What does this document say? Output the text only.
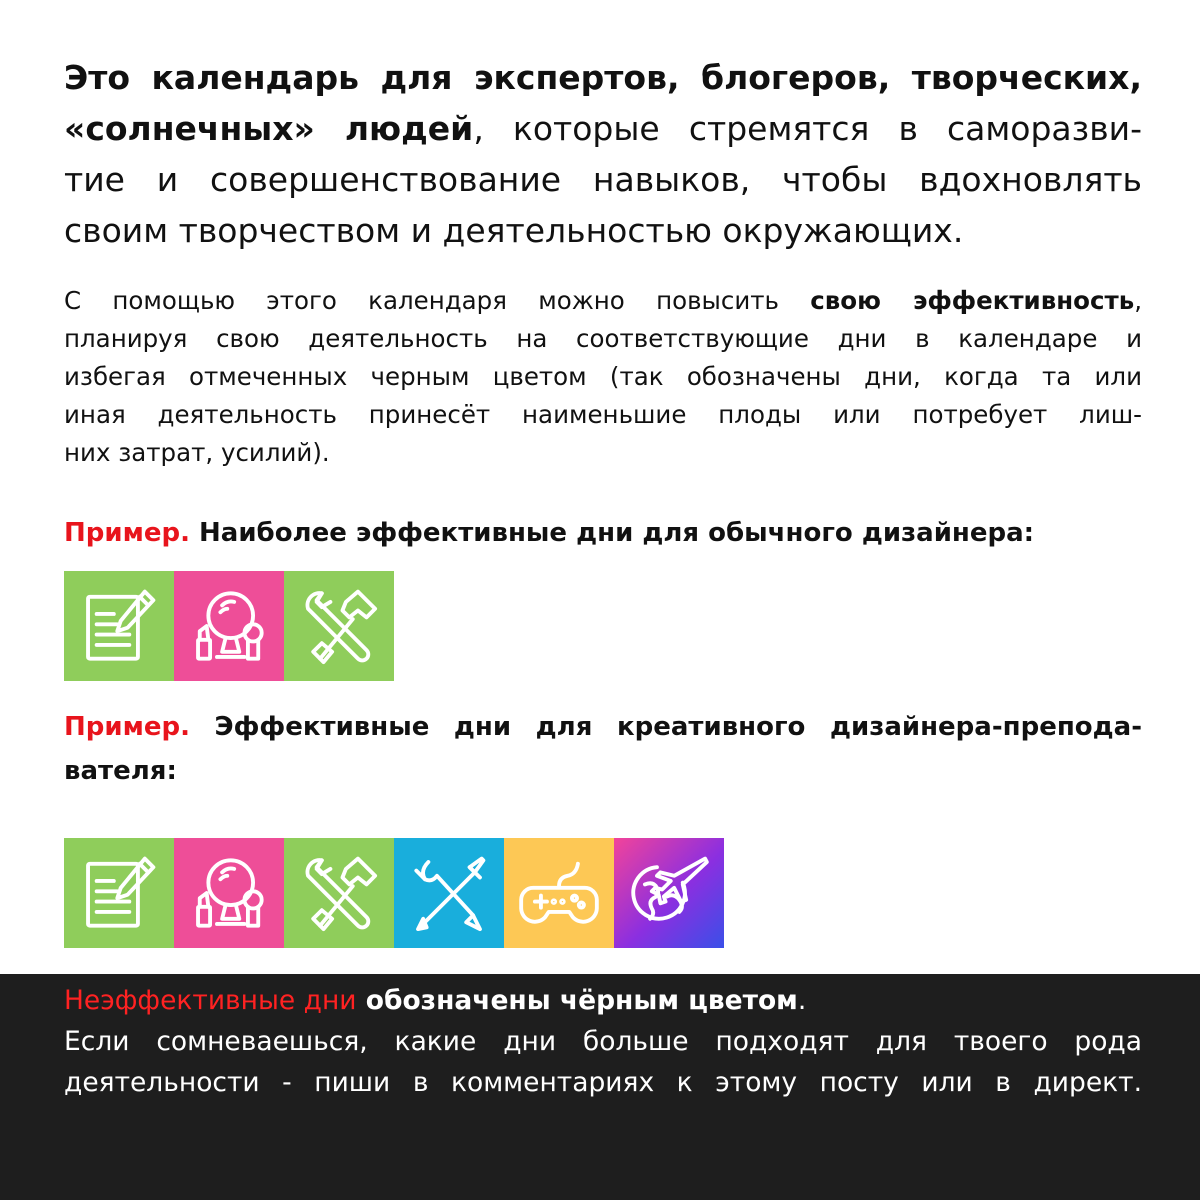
Это календарь для экспертов, блогеров, творческих,
«солнечных» людей, которые стремятся в саморазви-
тие и совершенствование навыков, чтобы вдохновлять
своим творчеством и деятельностью окружающих.
С помощью этого календаря можно повысить свою эффективность,
планируя свою деятельность на соответствующие дни в календаре и
избегая отмеченных черным цветом (так обозначены дни, когда та или
иная деятельность принесёт наименьшие плоды или потребует лиш-
них затрат, усилий).
Пример. Наиболее эффективные дни для обычного дизайнера:
Пример. Эффективные дни для креативного дизайнера-препода-
вателя:
Неэффективные дни обозначены чёрным цветом.
Если сомневаешься, какие дни больше подходят для твоего рода
деятельности - пиши в комментариях к этому посту или в директ.
